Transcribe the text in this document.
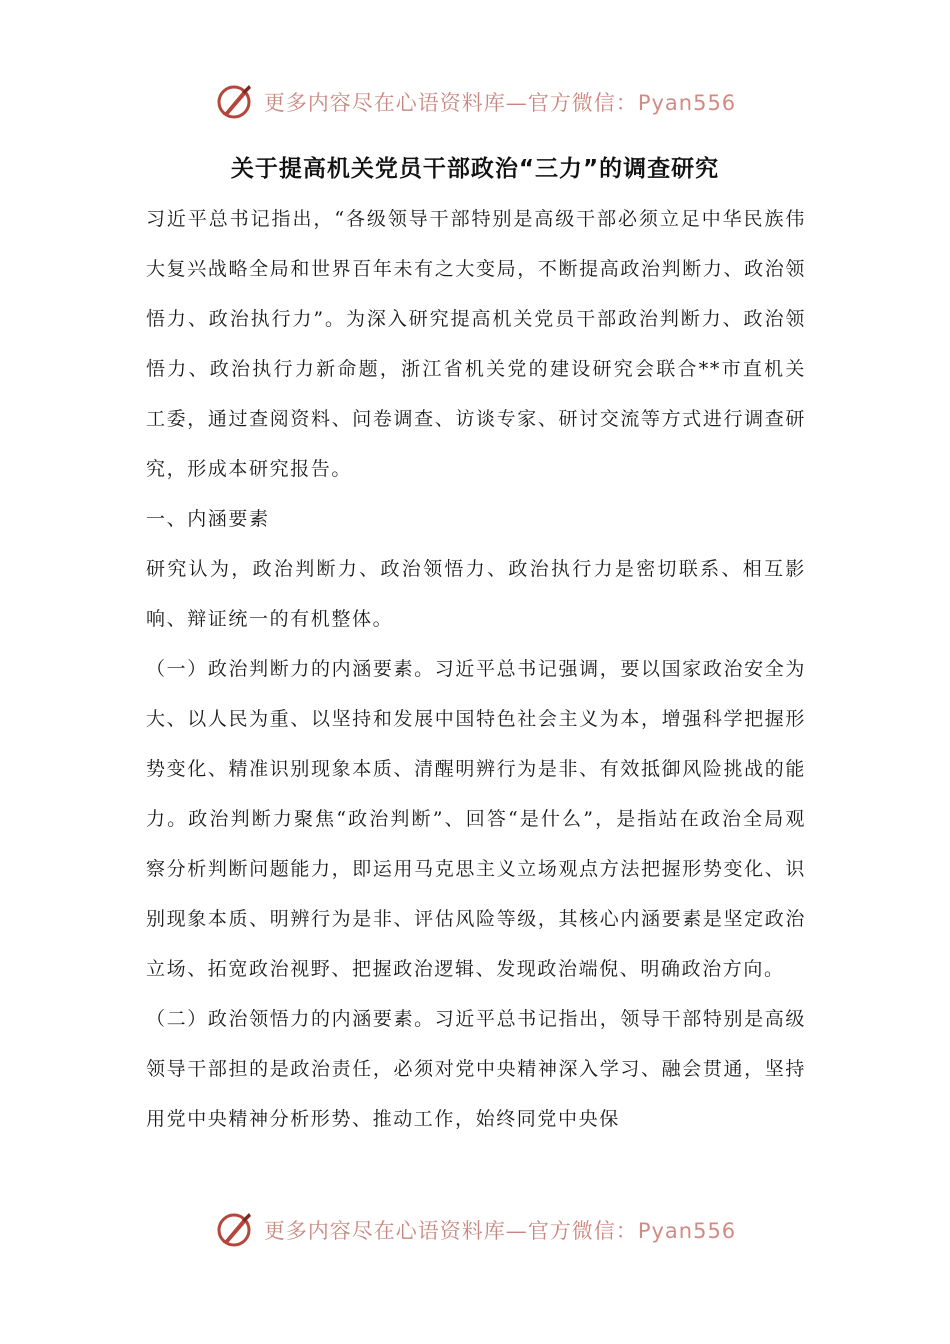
更多内容尽在心语资料库—官方微信：Pyan556
关于提高机关党员干部政治“三力”的调查研究

习近平总书记指出，“各级领导干部特别是高级干部必须立足中华民族伟大复兴战略全局和世界百年未有之大变局，不断提高政治判断力、政治领悟力、政治执行力”。为深入研究提高机关党员干部政治判断力、政治领悟力、政治执行力新命题，浙江省机关党的建设研究会联合**市直机关工委，通过查阅资料、问卷调查、访谈专家、研讨交流等方式进行调查研究，形成本研究报告。

一、内涵要素

研究认为，政治判断力、政治领悟力、政治执行力是密切联系、相互影响、辩证统一的有机整体。

（一）政治判断力的内涵要素。习近平总书记强调，要以国家政治安全为大、以人民为重、以坚持和发展中国特色社会主义为本，增强科学把握形势变化、精准识别现象本质、清醒明辨行为是非、有效抵御风险挑战的能力。政治判断力聚焦“政治判断”、回答“是什么”，是指站在政治全局观察分析判断问题能力，即运用马克思主义立场观点方法把握形势变化、识别现象本质、明辨行为是非、评估风险等级，其核心内涵要素是坚定政治立场、拓宽政治视野、把握政治逻辑、发现政治端倪、明确政治方向。

（二）政治领悟力的内涵要素。习近平总书记指出，领导干部特别是高级领导干部担的是政治责任，必须对党中央精神深入学习、融会贯通，坚持用党中央精神分析形势、推动工作，始终同党中央保

更多内容尽在心语资料库—官方微信：Pyan556
